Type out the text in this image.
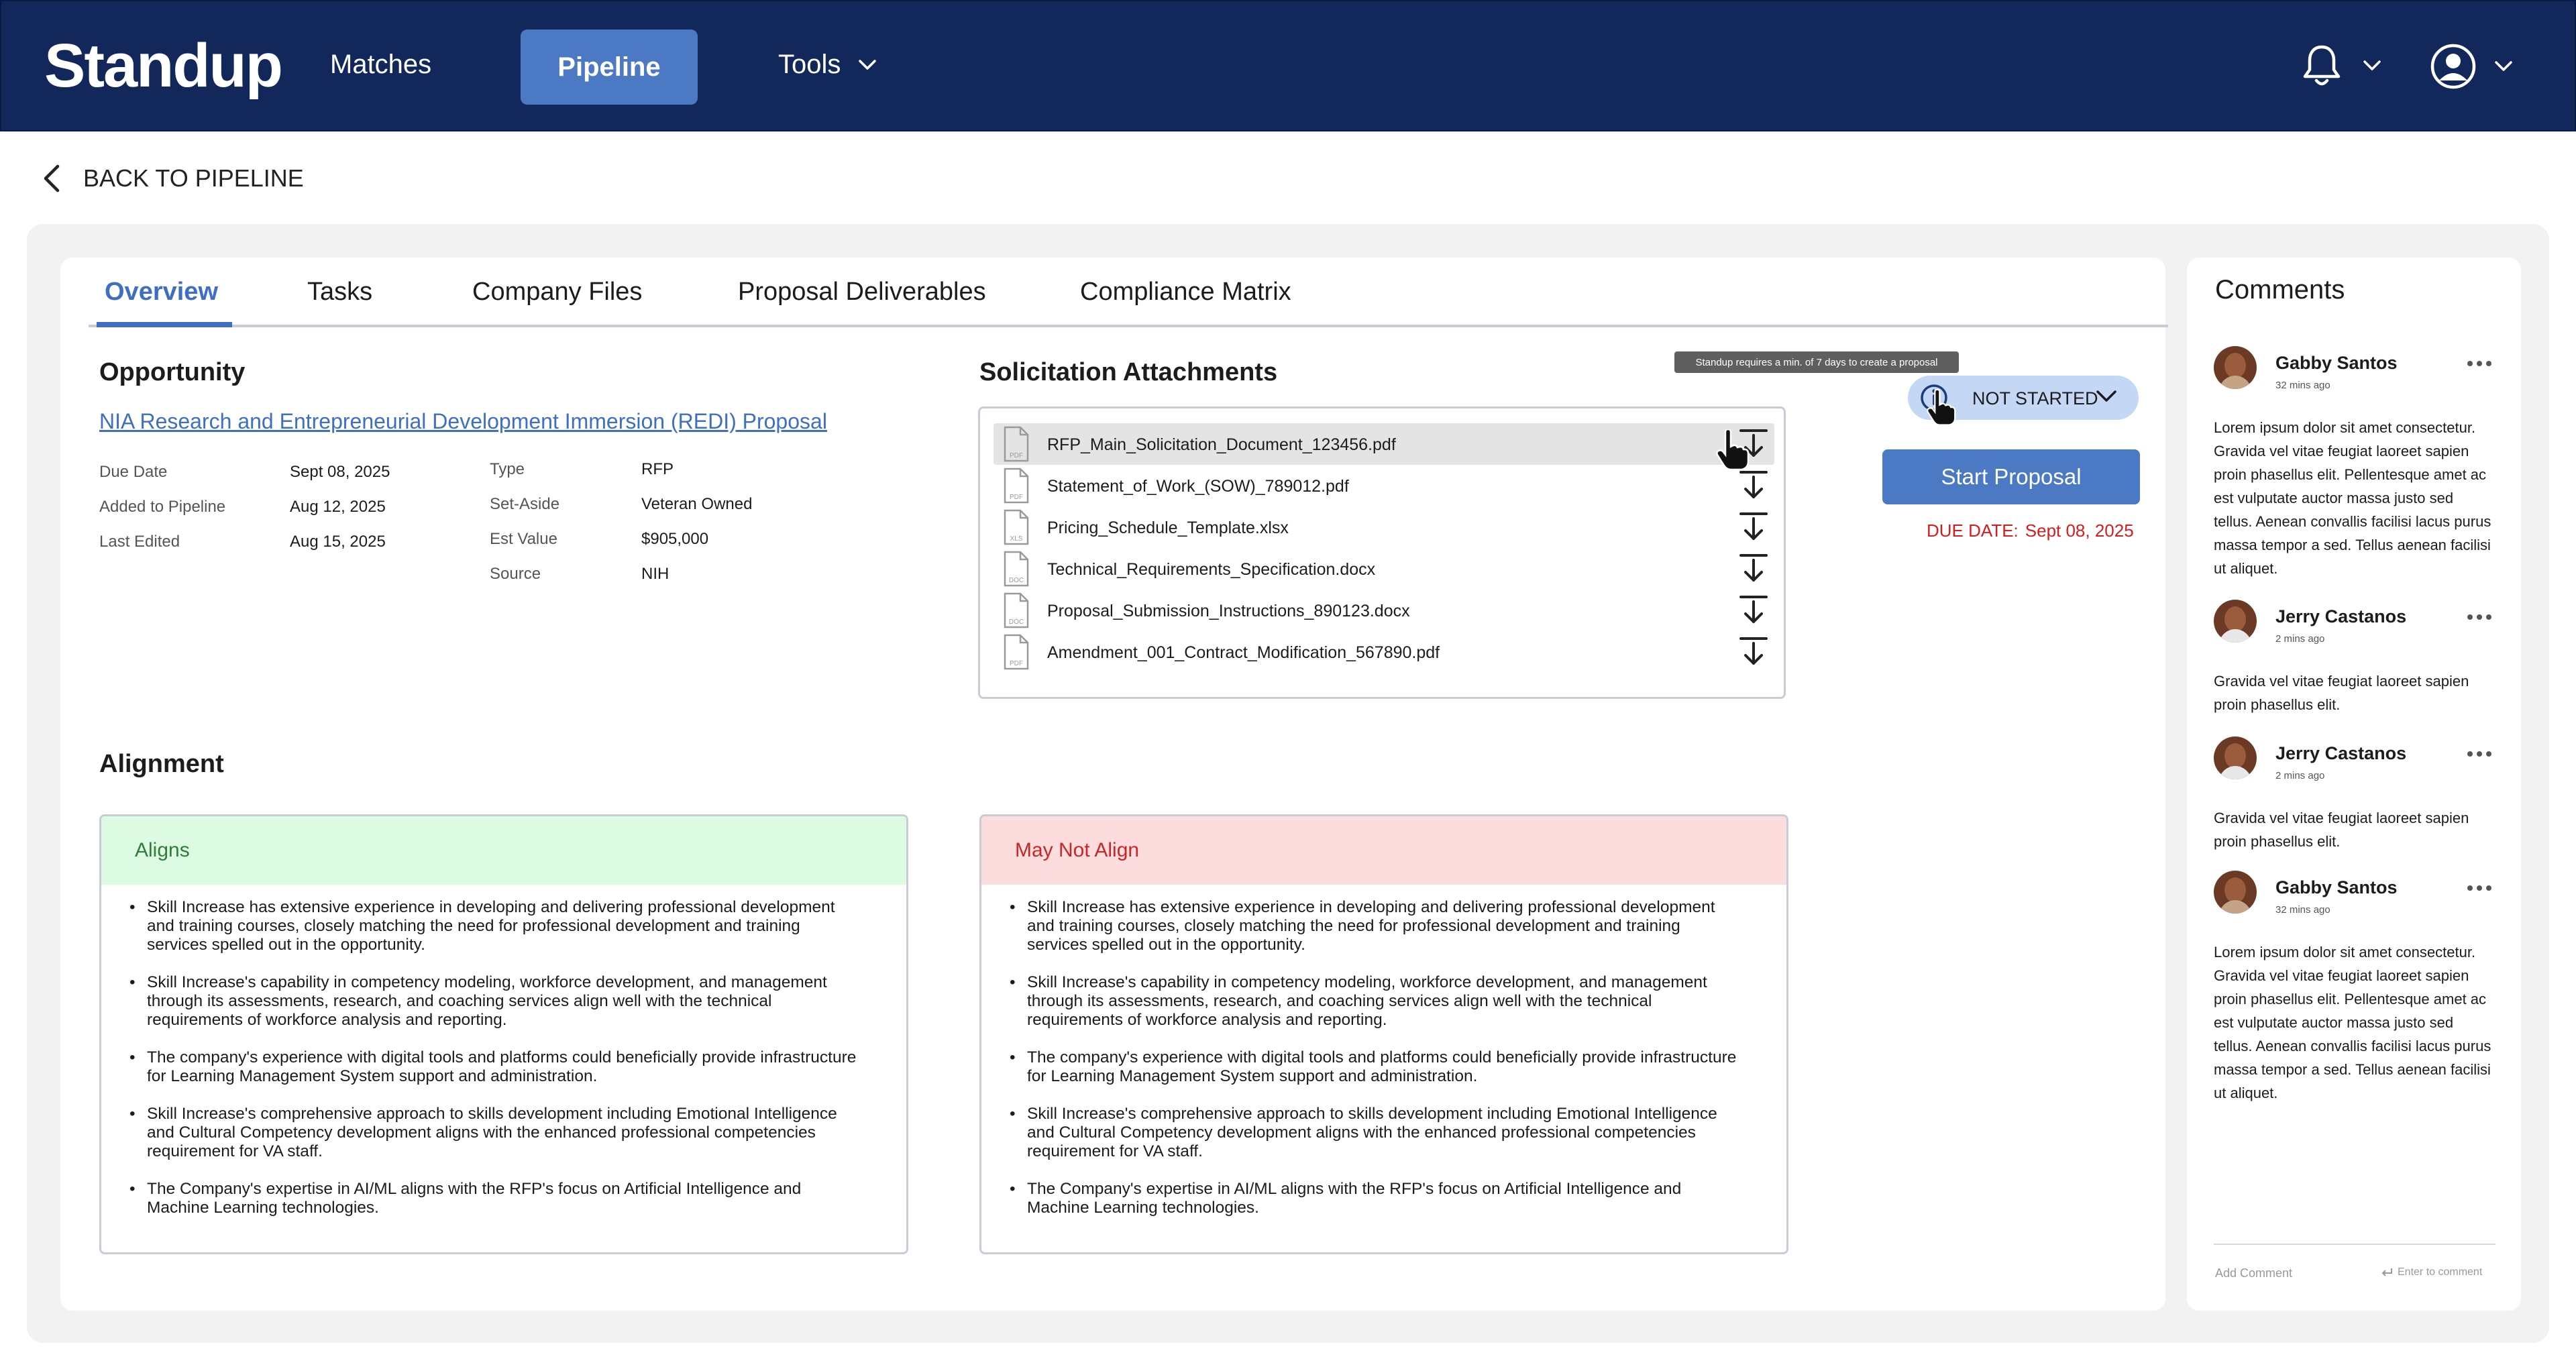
Standup Matches	Pipeline	Tools
BACK TO PIPELINE
Overview	Tasks	Company Files	Proposal Deliverables	Compliance Matrix
Opportunity
NIA Research and Entrepreneurial Development Immersion (REDI) Proposal
Due Date	Sept 08, 2025
Added to Pipeline	Aug 12, 2025
Last Edited	Aug 15, 2025
Type	RFP
Set-Aside	Veteran Owned
Est Value	$905,000
Source	NIH
Solicitation Attachments
PDF
RFP_Main_Solicitation_Document_123456.pdf
PDF
Statement_of_Work_(SOW)_789012.pdf
XLS
Pricing_Schedule_Template.xlsx
DOC
Technical_Requirements_Specification.docx
DOC
Proposal_Submission_Instructions_890123.docx
PDF
Amendment_001_Contract_Modification_567890.pdf
Standup requires a min. of 7 days to create a proposal
NOT STARTED
Start Proposal
DUE DATE: Sept 08, 2025
Alignment
Aligns
• Skill Increase has extensive experience in developing and delivering professional development and training courses, closely matching the need for professional development and training services spelled out in the opportunity.
• Skill Increase's capability in competency modeling, workforce development, and management through its assessments, research, and coaching services align well with the technical requirements of workforce analysis and reporting.
• The company's experience with digital tools and platforms could beneficially provide infrastructure for Learning Management System support and administration.
• Skill Increase's comprehensive approach to skills development including Emotional Intelligence and Cultural Competency development aligns with the enhanced professional competencies requirement for VA staff.
• The Company's expertise in AI/ML aligns with the RFP's focus on Artificial Intelligence and Machine Learning technologies.
May Not Align
• Skill Increase has extensive experience in developing and delivering professional development and training courses, closely matching the need for professional development and training services spelled out in the opportunity.
• Skill Increase's capability in competency modeling, workforce development, and management through its assessments, research, and coaching services align well with the technical requirements of workforce analysis and reporting.
• The company's experience with digital tools and platforms could beneficially provide infrastructure for Learning Management System support and administration.
• Skill Increase's comprehensive approach to skills development including Emotional Intelligence and Cultural Competency development aligns with the enhanced professional competencies requirement for VA staff.
• The Company's expertise in AI/ML aligns with the RFP's focus on Artificial Intelligence and Machine Learning technologies.
Comments
Gabby Santos
32 mins ago
Lorem ipsum dolor sit amet consectetur. Gravida vel vitae feugiat laoreet sapien proin phasellus elit. Pellentesque amet ac est vulputate auctor massa justo sed tellus. Aenean convallis facilisi lacus purus massa tempor a sed. Tellus aenean facilisi ut aliquet.
Jerry Castanos
2 mins ago
Gravida vel vitae feugiat laoreet sapien proin phasellus elit.
Jerry Castanos
2 mins ago
Gravida vel vitae feugiat laoreet sapien proin phasellus elit.
Gabby Santos
32 mins ago
Lorem ipsum dolor sit amet consectetur. Gravida vel vitae feugiat laoreet sapien proin phasellus elit. Pellentesque amet ac est vulputate auctor massa justo sed tellus. Aenean convallis facilisi lacus purus massa tempor a sed. Tellus aenean facilisi ut aliquet.
Add Comment	Enter to comment
